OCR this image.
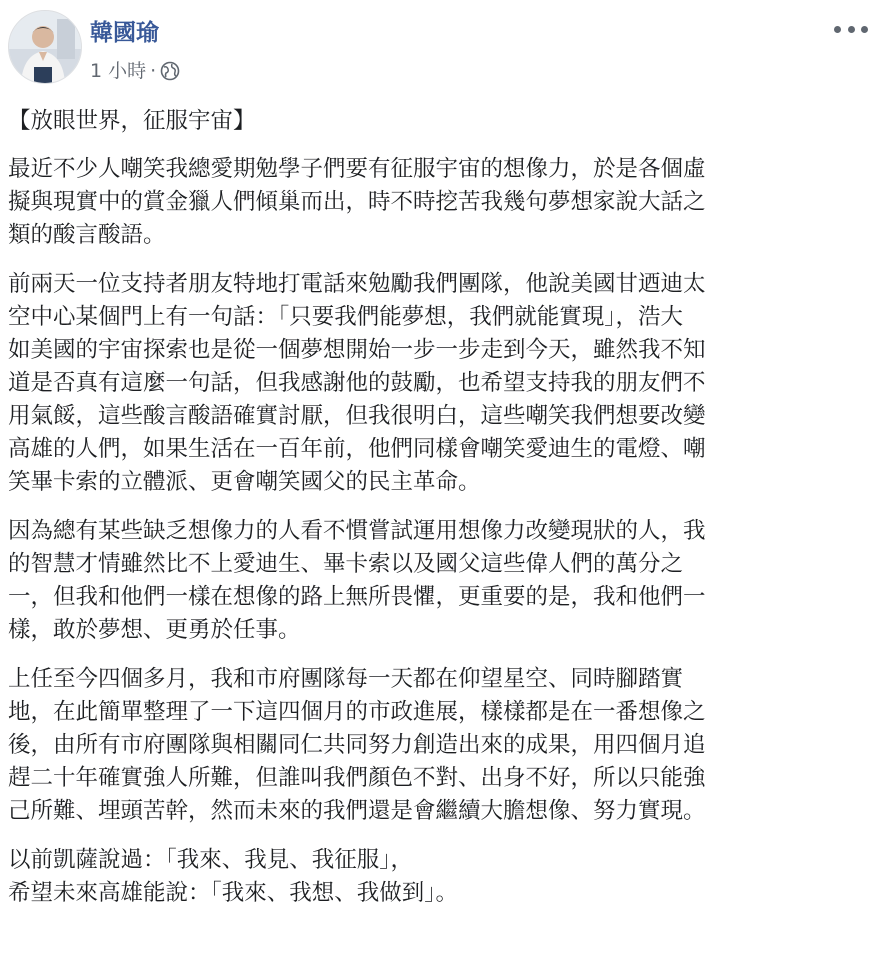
韓國瑜
1 小時 ·

【放眼世界，征服宇宙】

最近不少人嘲笑我總愛期勉學子們要有征服宇宙的想像力，於是各個虛
擬與現實中的賞金獵人們傾巢而出，時不時挖苦我幾句夢想家說大話之
類的酸言酸語。

前兩天一位支持者朋友特地打電話來勉勵我們團隊，他說美國甘迺迪太
空中心某個門上有一句話：「只要我們能夢想，我們就能實現」，浩大
如美國的宇宙探索也是從一個夢想開始一步一步走到今天，雖然我不知
道是否真有這麼一句話，但我感謝他的鼓勵，也希望支持我的朋友們不
用氣餒，這些酸言酸語確實討厭，但我很明白，這些嘲笑我們想要改變
高雄的人們，如果生活在一百年前，他們同樣會嘲笑愛迪生的電燈、嘲
笑畢卡索的立體派、更會嘲笑國父的民主革命。

因為總有某些缺乏想像力的人看不慣嘗試運用想像力改變現狀的人，我
的智慧才情雖然比不上愛迪生、畢卡索以及國父這些偉人們的萬分之
一，但我和他們一樣在想像的路上無所畏懼，更重要的是，我和他們一
樣，敢於夢想、更勇於任事。

上任至今四個多月，我和市府團隊每一天都在仰望星空、同時腳踏實
地，在此簡單整理了一下這四個月的市政進展，樣樣都是在一番想像之
後，由所有市府團隊與相關同仁共同努力創造出來的成果，用四個月追
趕二十年確實強人所難，但誰叫我們顏色不對、出身不好，所以只能強
己所難、埋頭苦幹，然而未來的我們還是會繼續大膽想像、努力實現。

以前凱薩說過：「我來、我見、我征服」，
希望未來高雄能說：「我來、我想、我做到」。
